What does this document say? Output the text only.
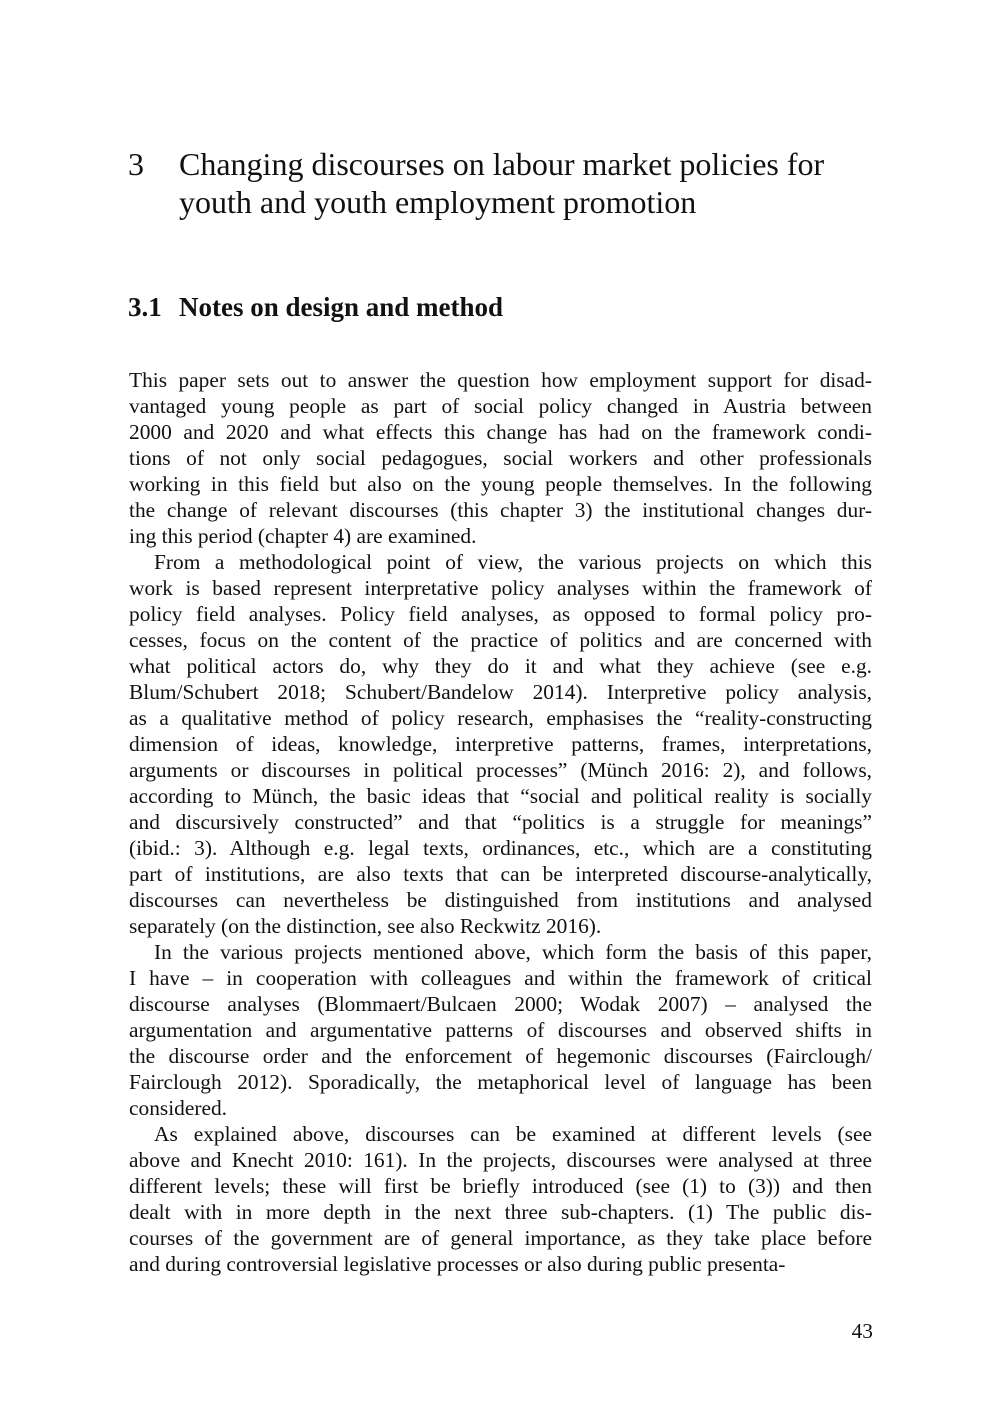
3	Changing discourses on labour market policies for
youth and youth employment promotion
3.1 Notes on design and method
This paper sets out to answer the question how employment support for disad-
vantaged young people as part of social policy changed in Austria between
2000 and 2020 and what effects this change has had on the framework condi-
tions of not only social pedagogues, social workers and other professionals
working in this field but also on the young people themselves. In the following
the change of relevant discourses (this chapter 3) the institutional changes dur-
ing this period (chapter 4) are examined.
From a methodological point of view, the various projects on which this
work is based represent interpretative policy analyses within the framework of
policy field analyses. Policy field analyses, as opposed to formal policy pro-
cesses, focus on the content of the practice of politics and are concerned with
what political actors do, why they do it and what they achieve (see e.g.
Blum/Schubert 2018; Schubert/Bandelow 2014). Interpretive policy analysis,
as a qualitative method of policy research, emphasises the “reality-constructing
dimension of ideas, knowledge, interpretive patterns, frames, interpretations,
arguments or discourses in political processes” (Münch 2016: 2), and follows,
according to Münch, the basic ideas that “social and political reality is socially
and discursively constructed” and that “politics is a struggle for meanings”
(ibid.: 3). Although e.g. legal texts, ordinances, etc., which are a constituting
part of institutions, are also texts that can be interpreted discourse-analytically,
discourses can nevertheless be distinguished from institutions and analysed
separately (on the distinction, see also Reckwitz 2016).
In the various projects mentioned above, which form the basis of this paper,
I have – in cooperation with colleagues and within the framework of critical
discourse analyses (Blommaert/Bulcaen 2000; Wodak 2007) – analysed the
argumentation and argumentative patterns of discourses and observed shifts in
the discourse order and the enforcement of hegemonic discourses (Fairclough/
Fairclough 2012). Sporadically, the metaphorical level of language has been
considered.
As explained above, discourses can be examined at different levels (see
above and Knecht 2010: 161). In the projects, discourses were analysed at three
different levels; these will first be briefly introduced (see (1) to (3)) and then
dealt with in more depth in the next three sub-chapters. (1) The public dis-
courses of the government are of general importance, as they take place before
and during controversial legislative processes or also during public presenta-
43
